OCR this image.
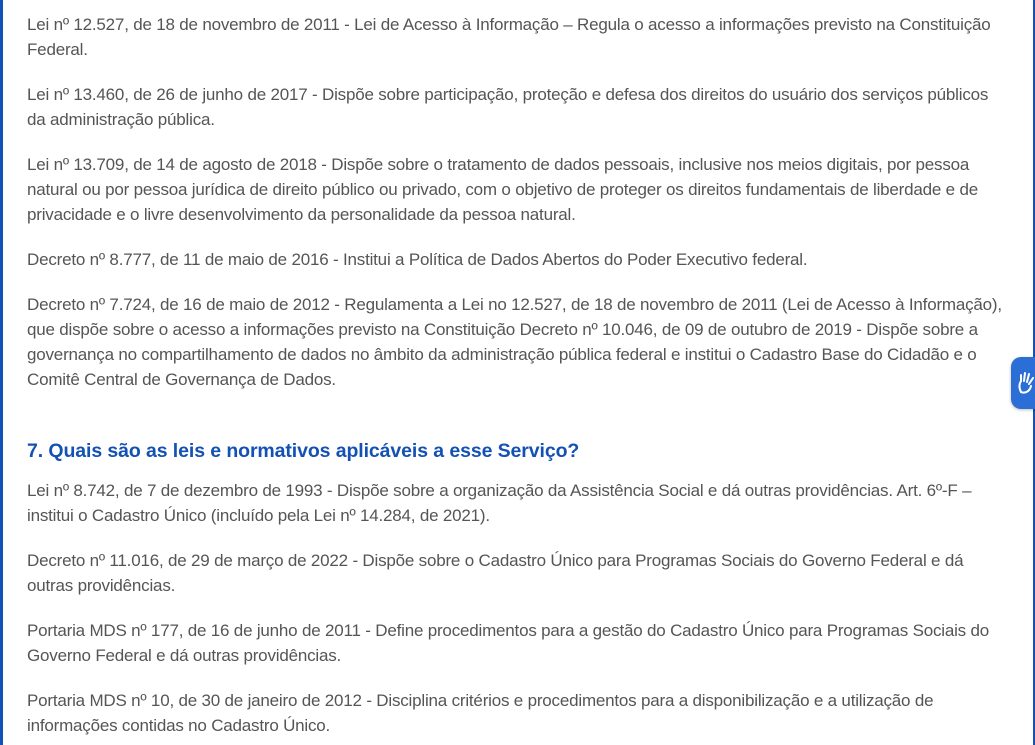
Lei nº 12.527, de 18 de novembro de 2011 - Lei de Acesso à Informação – Regula o acesso a informações previsto na Constituição Federal.

Lei nº 13.460, de 26 de junho de 2017 - Dispõe sobre participação, proteção e defesa dos direitos do usuário dos serviços públicos da administração pública.

Lei nº 13.709, de 14 de agosto de 2018 - Dispõe sobre o tratamento de dados pessoais, inclusive nos meios digitais, por pessoa natural ou por pessoa jurídica de direito público ou privado, com o objetivo de proteger os direitos fundamentais de liberdade e de privacidade e o livre desenvolvimento da personalidade da pessoa natural.

Decreto nº 8.777, de 11 de maio de 2016 - Institui a Política de Dados Abertos do Poder Executivo federal.

Decreto nº 7.724, de 16 de maio de 2012 - Regulamenta a Lei no 12.527, de 18 de novembro de 2011 (Lei de Acesso à Informação), que dispõe sobre o acesso a informações previsto na Constituição Decreto nº 10.046, de 09 de outubro de 2019 - Dispõe sobre a governança no compartilhamento de dados no âmbito da administração pública federal e institui o Cadastro Base do Cidadão e o Comitê Central de Governança de Dados.

7. Quais são as leis e normativos aplicáveis a esse Serviço?

Lei nº 8.742, de 7 de dezembro de 1993 - Dispõe sobre a organização da Assistência Social e dá outras providências. Art. 6º-F – institui o Cadastro Único (incluído pela Lei nº 14.284, de 2021).

Decreto nº 11.016, de 29 de março de 2022 - Dispõe sobre o Cadastro Único para Programas Sociais do Governo Federal e dá outras providências.

Portaria MDS nº 177, de 16 de junho de 2011 - Define procedimentos para a gestão do Cadastro Único para Programas Sociais do Governo Federal e dá outras providências.

Portaria MDS nº 10, de 30 de janeiro de 2012 - Disciplina critérios e procedimentos para a disponibilização e a utilização de informações contidas no Cadastro Único.
